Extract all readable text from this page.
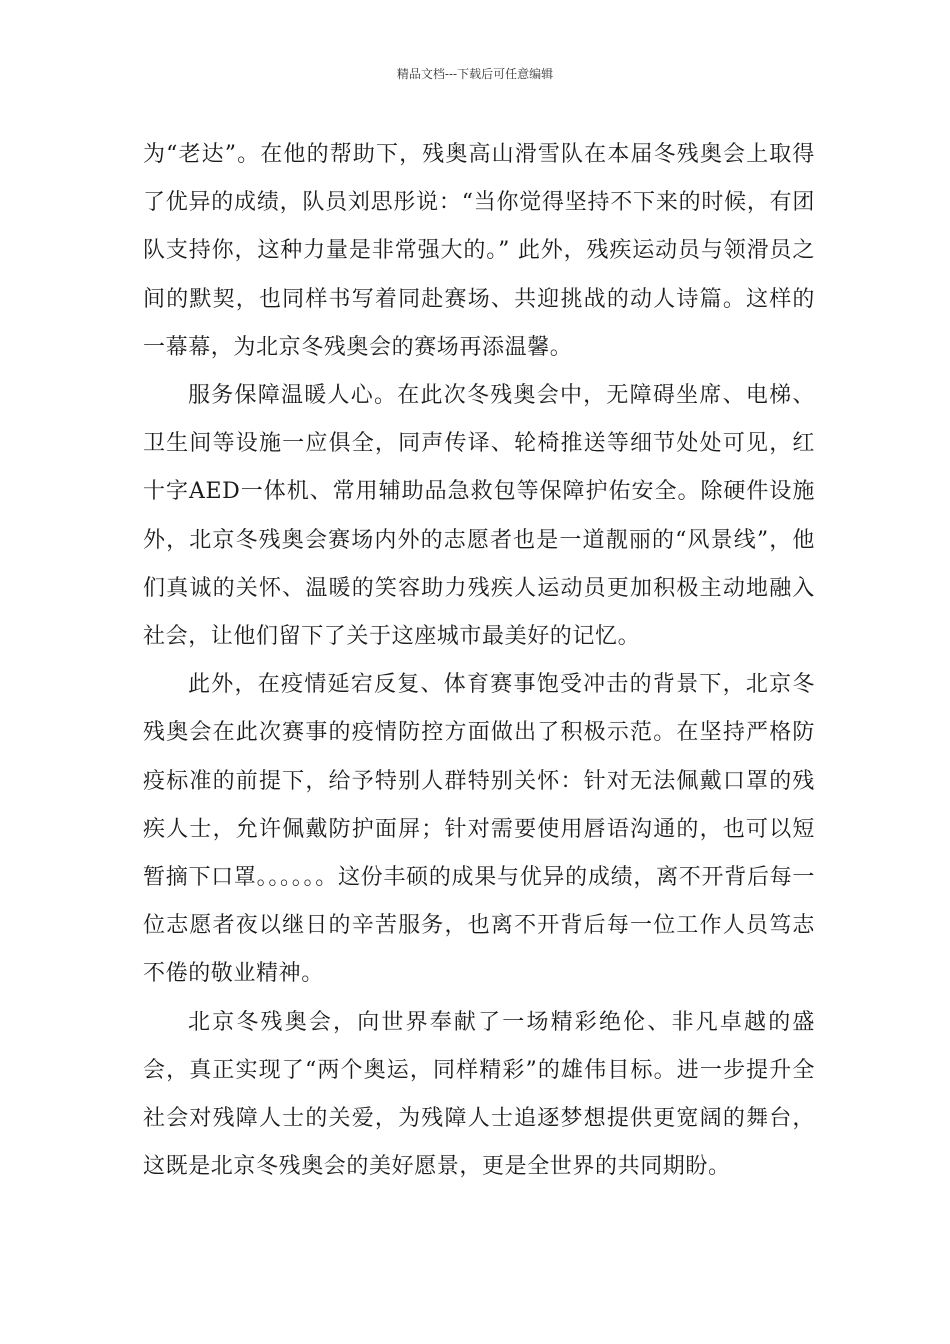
精品文档---下载后可任意编辑

为“老达”。在他的帮助下，残奥高山滑雪队在本届冬残奥会上取得了优异的成绩，队员刘思彤说：“当你觉得坚持不下来的时候，有团队支持你，这种力量是非常强大的。” 此外，残疾运动员与领滑员之间的默契，也同样书写着同赴赛场、共迎挑战的动人诗篇。这样的一幕幕，为北京冬残奥会的赛场再添温馨。

服务保障温暖人心。在此次冬残奥会中，无障碍坐席、电梯、卫生间等设施一应俱全，同声传译、轮椅推送等细节处处可见，红十字AED一体机、常用辅助品急救包等保障护佑安全。除硬件设施外，北京冬残奥会赛场内外的志愿者也是一道靓丽的“风景线”，他们真诚的关怀、温暖的笑容助力残疾人运动员更加积极主动地融入社会，让他们留下了关于这座城市最美好的记忆。

此外，在疫情延宕反复、体育赛事饱受冲击的背景下，北京冬残奥会在此次赛事的疫情防控方面做出了积极示范。在坚持严格防疫标准的前提下，给予特别人群特别关怀：针对无法佩戴口罩的残疾人士，允许佩戴防护面屏；针对需要使用唇语沟通的，也可以短暂摘下口罩。。。。。。这份丰硕的成果与优异的成绩，离不开背后每一位志愿者夜以继日的辛苦服务，也离不开背后每一位工作人员笃志不倦的敬业精神。

北京冬残奥会，向世界奉献了一场精彩绝伦、非凡卓越的盛会，真正实现了“两个奥运，同样精彩”的雄伟目标。进一步提升全社会对残障人士的关爱，为残障人士追逐梦想提供更宽阔的舞台，这既是北京冬残奥会的美好愿景，更是全世界的共同期盼。
